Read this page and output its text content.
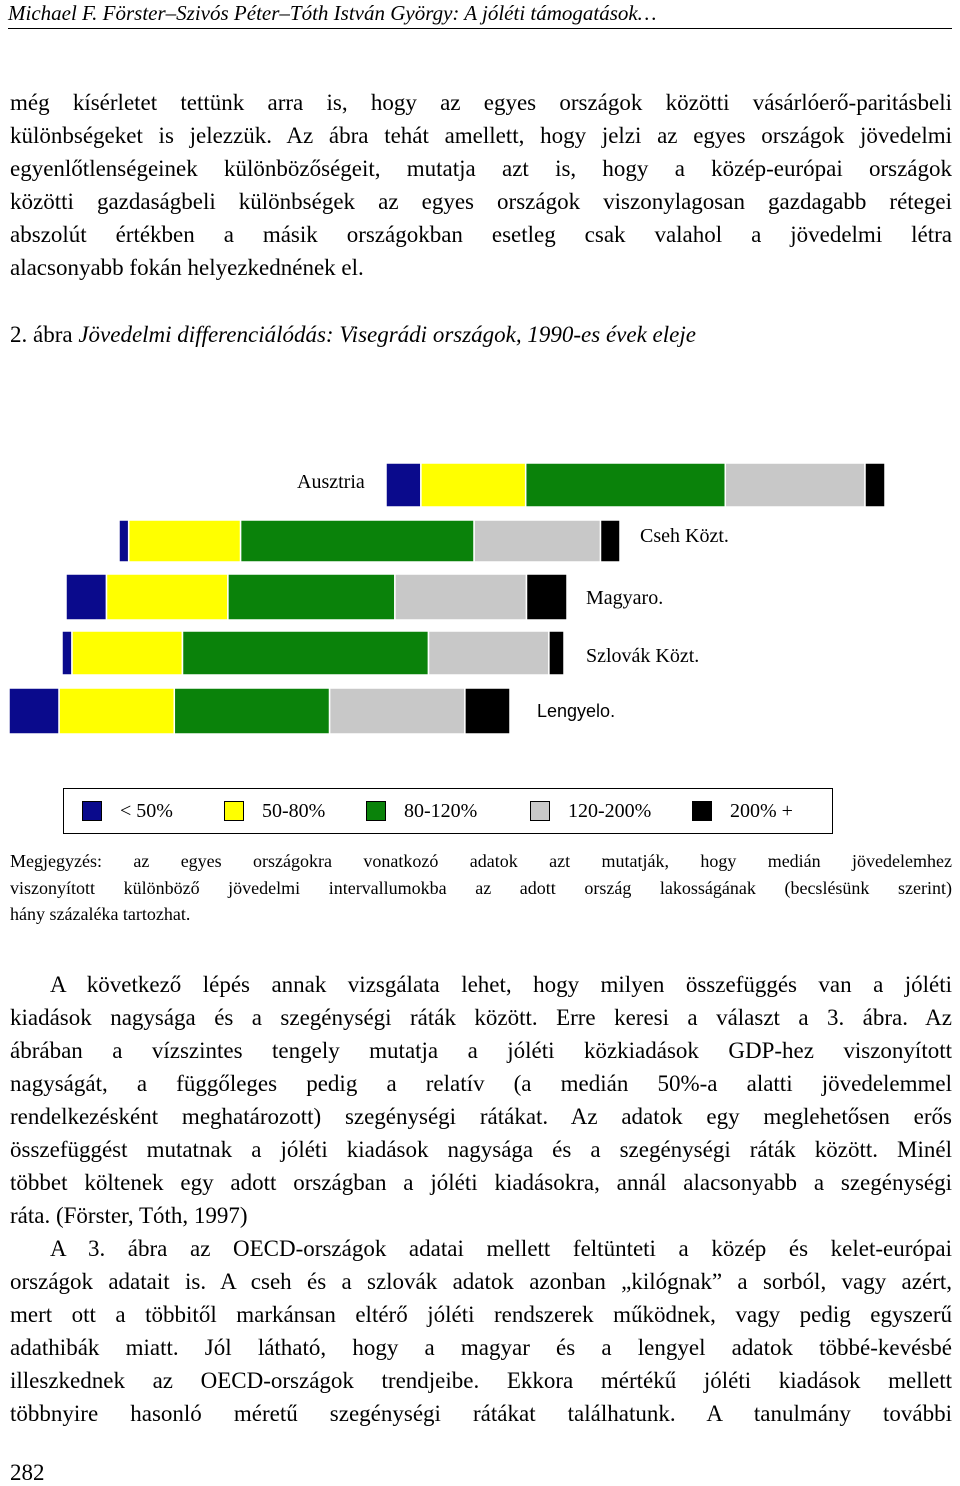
Michael F. Förster–Szivós Péter–Tóth István György: A jóléti támogatások…
még kísérletet tettünk arra is, hogy az egyes országok közötti vásárlóerő-paritásbeli
különbségeket is jelezzük. Az ábra tehát amellett, hogy jelzi az egyes országok jövedelmi
egyenlőtlenségeinek különbözőségeit, mutatja azt is, hogy a közép-európai országok
közötti gazdaságbeli különbségek az egyes országok viszonylagosan gazdagabb rétegei
abszolút értékben a másik országokban esetleg csak valahol a jövedelmi létra
alacsonyabb fokán helyezkednének el.
2. ábra Jövedelmi differenciálódás: Visegrádi országok, 1990-es évek eleje
Ausztria
Cseh Közt.
Magyaro.
Szlovák Közt.
Lengyelo.
< 50%	50-80%	80-120%	120-200%	200% +
Megjegyzés: az egyes országokra vonatkozó adatok azt mutatják, hogy medián jövedelemhez
viszonyított különböző jövedelmi intervallumokba az adott ország lakosságának (becslésünk szerint)
hány százaléka tartozhat.
A következő lépés annak vizsgálata lehet, hogy milyen összefüggés van a jóléti
kiadások nagysága és a szegénységi ráták között. Erre keresi a választ a 3. ábra. Az
ábrában a vízszintes tengely mutatja a jóléti közkiadások GDP-hez viszonyított
nagyságát, a függőleges pedig a relatív (a medián 50%-a alatti jövedelemmel
rendelkezésként meghatározott) szegénységi rátákat. Az adatok egy meglehetősen erős
összefüggést mutatnak a jóléti kiadások nagysága és a szegénységi ráták között. Minél
többet költenek egy adott országban a jóléti kiadásokra, annál alacsonyabb a szegénységi
ráta. (Förster, Tóth, 1997)
A 3. ábra az OECD-országok adatai mellett feltünteti a közép és kelet-európai
országok adatait is. A cseh és a szlovák adatok azonban „kilógnak” a sorból, vagy azért,
mert ott a többitől markánsan eltérő jóléti rendszerek működnek, vagy pedig egyszerű
adathibák miatt. Jól látható, hogy a magyar és a lengyel adatok többé-kevésbé
illeszkednek az OECD-országok trendjeibe. Ekkora mértékű jóléti kiadások mellett
többnyire hasonló méretű szegénységi rátákat találhatunk. A tanulmány további
282
